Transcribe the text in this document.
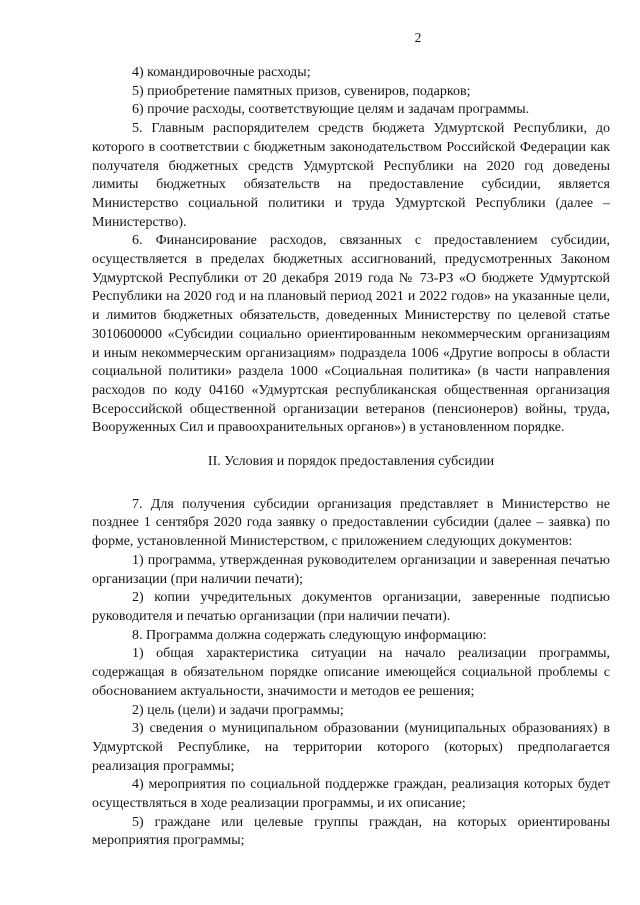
2

4) командировочные расходы;

5) приобретение памятных призов, сувениров, подарков;

6) прочие расходы, соответствующие целям и задачам программы.

5. Главным распорядителем средств бюджета Удмуртской Республики, до которого в соответствии с бюджетным законодательством Российской Федерации как получателя бюджетных средств Удмуртской Республики на 2020 год доведены лимиты бюджетных обязательств на предоставление субсидии, является Министерство социальной политики и труда Удмуртской Республики (далее – Министерство).

6. Финансирование расходов, связанных с предоставлением субсидии, осуществляется в пределах бюджетных ассигнований, предусмотренных Законом Удмуртской Республики от 20 декабря 2019 года № 73-РЗ «О бюджете Удмуртской Республики на 2020 год и на плановый период 2021 и 2022 годов» на указанные цели, и лимитов бюджетных обязательств, доведенных Министерству по целевой статье 3010600000 «Субсидии социально ориентированным некоммерческим организациям и иным некоммерческим организациям» подраздела 1006 «Другие вопросы в области социальной политики» раздела 1000 «Социальная политика» (в части направления расходов по коду 04160 «Удмуртская республиканская общественная организация Всероссийской общественной организации ветеранов (пенсионеров) войны, труда, Вооруженных Сил и правоохранительных органов») в установленном порядке.

II. Условия и порядок предоставления субсидии

7. Для получения субсидии организация представляет в Министерство не позднее 1 сентября 2020 года заявку о предоставлении субсидии (далее – заявка) по форме, установленной Министерством, с приложением следующих документов:

1) программа, утвержденная руководителем организации и заверенная печатью организации (при наличии печати);

2) копии учредительных документов организации, заверенные подписью руководителя и печатью организации (при наличии печати).

8. Программа должна содержать следующую информацию:

1) общая характеристика ситуации на начало реализации программы, содержащая в обязательном порядке описание имеющейся социальной проблемы с обоснованием актуальности, значимости и методов ее решения;

2) цель (цели) и задачи программы;

3) сведения о муниципальном образовании (муниципальных образованиях) в Удмуртской Республике, на территории которого (которых) предполагается реализация программы;

4) мероприятия по социальной поддержке граждан, реализация которых будет осуществляться в ходе реализации программы, и их описание;

5) граждане или целевые группы граждан, на которых ориентированы мероприятия программы;
